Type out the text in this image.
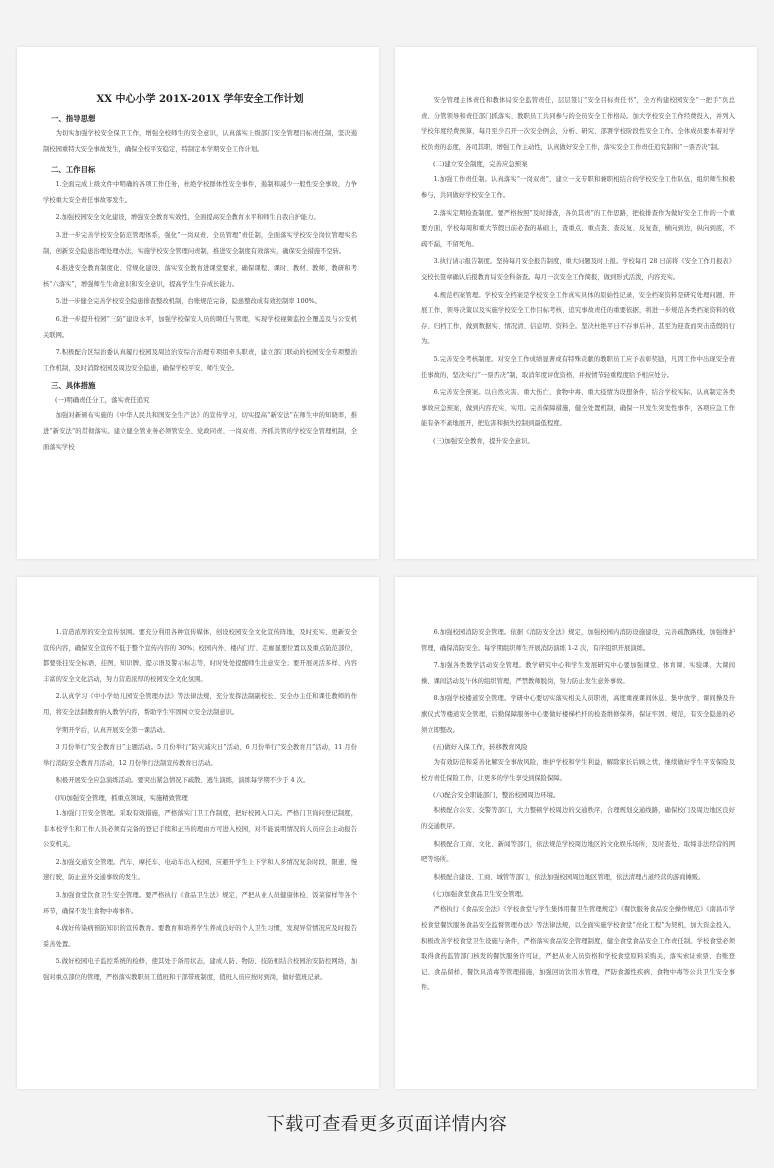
XX 中心小学 201X-201X 学年安全工作计划
一、指导思想

为切实加强学校安全保卫工作，增强全校师生的安全意识，认真落实上级部门安全管理目标责任制，坚决遏制校园重特大安全事故发生，确保全校平安稳定，特制定本学期安全工作计划。

二、工作目标

1.全面完成上级文件中明确的各项工作任务，杜绝学校群体性安全事件，遏制和减少一般性安全事故，力争学校重大安全责任事故零发生。

2.加强校园安全文化建设，增强安全教育实效性，全面提高安全教育水平和师生自我自护能力。

3.进一步完善学校安全防范管理体系，强化“一岗双责、全员管理”责任制，全面落实学校安全岗位管理实名制，创新安全隐患治理处理办法，实施学校安全管理问责制，推进安全制度有效落实，确保安全措施不空转。

4.推进安全教育制度化、常规化建设、落实安全教育进课堂要求，确保课程、课时、教材、教师、教研和考核“六落实”，增强师生生命意识和安全意识，提高学生生存成长能力。

5.进一步健全完善学校安全隐患排查整改机制，台账规范完备，隐患整改成有效控制率 100%。

6.进一步提升校园“三防”建设水平，加强学校保安人员的聘任与管理，实现学校视频监控全覆盖及与公安机关联网。

7.积极配合区综治委认真履行校园及周边治安综合治理专项组牵头职责，建立部门联动的校园安全专项整治工作机制，及时消除校园及周边安全隐患，确保学校平安、师生安全。

三、具体措施
(一)明确责任分工，落实责任追究

加强对新颁布实施的《中华人民共和国安全生产法》的宣传学习，切实提高“新安法”在师生中的知晓率，推进“新安法”的贯彻落实。建立健全管业务必须管安全、党政同责、一岗双责、齐抓共管的学校安全管理机制，全面落实学校

安全管理主体责任和教体局安全监管责任，层层签订“安全目标责任书”，全方构建校园安全“一把手”负总责、分管领导和责任部门抓落实、教职员工共同参与的全员安全工作格局。加大学校安全工作经费投入，并列入学校年度经费预算，每月至少召开一次安全例会，分析、研究、部署学校阶段性安全工作。全体成员要本着对学校负责的态度，各司其职，增强工作主动性，认真做好安全工作，落实安全工作责任追究制和“一票否决”制。

(二)建立安全制度，完善应急预案

1.加强工作责任制。认真落实“一岗双责”，建立一支专职和兼职相结合的学校安全工作队伍，组织师生积极参与，共同做好学校安全工作。

2.落实定期检查制度。要严格按照“及时排查，各负其责”的工作思路，把检排查作为做好安全工作的一个重要方面，学校每周和重大节假日前必查的基础上，查重点、重点查、查反复、反复查，横向到边，纵向到底，不疏不漏，不留死角。

3.执行请示报告制度。坚持每月安全报告制度，重大问题及时上报。学校每月 28 日前将《安全工作月报表》交校长签章确认后报教育局安全科备查。每月一次安全工作简报，做到形式活泼，内容充实。

4.规范档案管理。学校安全档案是学校安全工作真实具体的原始性记录，安全档案资料是研究处理问题、开展工作、领导决策以及实施学校安全工作目标考核、追究事故责任的重要依据，将进一步规范各类档案资料的收存、归档工作，做到数据实、情况清、信息明、资料全。坚决杜绝平日不存事后补、甚至为迎查而突击造假的行为。

5.完善安全考核制度。对安全工作成绩显著或有特殊贡献的教职员工应予表彰奖励，凡因工作中出现安全责任事故的，坚决实行“一票否决”制，取消年度评优资格，并按情节轻重程度给予相应处分。

6.完善安全预案。以自然灾害、重大伤亡、食物中毒、重大疫情为设想条件，结合学校实际，认真制定各类事故应急预案，做到内容充实、实用。完善保障措施，健全处置机制，确保一旦发生突发性事件，各项应急工作能有条不紊地展开，把危害和损失控制到最低程度。

(三)加强安全教育，提升安全意识。

1.营造浓厚的安全宣传氛围。要充分利用各种宣传媒体，创设校园安全文化宣传阵地，及时充实、更新安全宣传内容，确保安全宣传不低于整个宣传内容的 30%；校园内外、楼内门厅、走廊显要位置以及重点防范部位，都要张挂安全标语、挂图、知识牌、提示语及警示标志等，时时处处提醒师生注意安全；要开展灵活多样、内容丰富的安全文化活动，努力营造浓厚的校园安全文化氛围。

2.认真学习《中小学幼儿园安全管理办法》等法律法规，充分发挥法制副校长、安全办主任和课任教师的作用，将安全法制教育纳入教学内容，帮助学生牢固树立安全法制意识。

学期开学后，认真开展安全第一课活动。

3 月份举行“安全教育日”主题活动。5 月份举行“防灾减灾日”活动，6 月份举行“安全教育月”活动，11 月份举行消防安全教育月活动，12 月份举行法制宣传教育日活动。

积极开展安全应急演练活动。要突出紧急情况下疏散、逃生演练，演练每学期不少于 4 次。

(四)加强安全管理，抓重点领域，实施精致管理

1.加强门卫安全管理。采取有效措施，严格落实门卫工作制度，把好校园入口关。严格门卫询问登记制度，非本校学生和工作人员必须有完备的登记手续和正当的理由方可进入校园，对不能说明情况的人员应会主动报告公安机关。

2.加强交通安全管理。汽车、摩托车、电动车出入校园，应避开学生上下学和人多情况复杂时段，限速、慢速行驶，防止意外交通事故的发生。

3.加强食堂饮食卫生安全管理。要严格执行《食品卫生法》规定，严把从业人员健康体检、饭菜留样等各个环节，确保不发生食物中毒事件。

4.做好传染病预防知识的宣传教育。要教育和培养学生养成良好的个人卫生习惯，发现异常情况应及时报告妥善处置。

5.做好校园电子监控系统的检修，使其处于备用状态，建成人防、物防、技防相结合校园治安防控网络，加强对重点部位的管理，严格落实教职员工值班和干部带班制度，值班人员应按时到岗，做好值班记录。

6.加强校园消防安全管理。依据《消防安全法》规定，加强校园内消防设施建设，完善疏散路线，加强维护管理，确保消防安全。每学期组织师生开展消防演练 1-2 次，有序组织开展演练。

7.加强各类教学活动安全管理。教学研究中心和学生发展研究中心要加强课堂、体育课、实验课、大课间操、课间活动及午休的组织管理，严禁教师脱岗，努力防止发生意外事故。

8.加强学校楼道安全管理。学研中心要切实落实相关人员职责，高度重视课间休息、集中放学、课间操及升旗仪式等楼道安全管理，后勤保障服务中心要做好楼梯栏杆的检查维修保养，保证牢固、规范，有安全隐患的必须立即整改。

(五)做好入保工作，转移教育风险

为有效防范和妥善化解安全事故风险，维护学校和学生利益，解除家长后顾之忧，继续做好学生平安保险及校方责任保险工作，让更多的学生享受到保险保障。

(六)配合安全职能部门，整治校园周边环境。

积极配合公安、交警等部门，大力整顿学校周边的交通秩序，合理规划交通线路，确保校门及周边地区良好的交通秩序。

积极配合工商、文化、新闻等部门，依法规范学校周边地区的文化娱乐场所，及时查处、取缔非法经营的网吧等场所。

积极配合建设、工商、城管等部门，依法加强校园周边地区管理，依法清理占道经营的游商摊贩。

(七)加强食堂食品卫生安全管理。

严格执行《食品安全法》《学校食堂与学生集体用餐卫生管理规定》《餐饮服务食品安全操作规范》《南昌市学校食堂餐饮服务食品安全监督管理办法》等法律法规，以全面实施学校食堂“亮化工程”为契机，加大资金投入，积极改善学校食堂卫生设施与条件，严格落实食品安全管理制度，健全食堂食品安全工作责任制。学校食堂必须取得食药监管部门核发的餐饮服务许可证，严把从业人员资格和学校食堂原料采购关，落实索证索票、台账登记、食品留样、餐饮具消毒等管理措施，加强回访饮用水管理，严防食源性疾病、食物中毒等公共卫生安全事件。

下载可查看更多页面详情内容
